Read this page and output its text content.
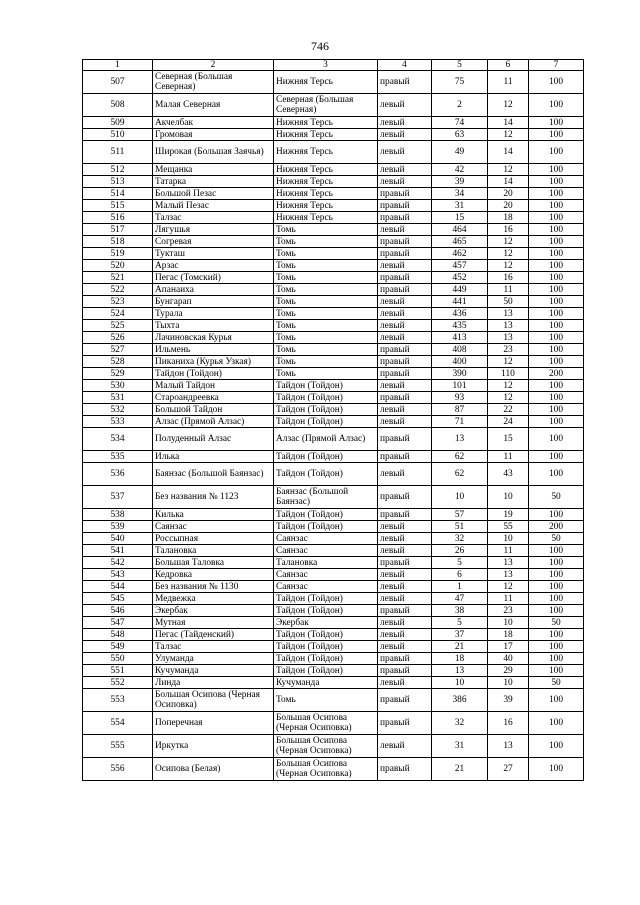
746
1	2	3	4	5	6	7
507	Северная (Большая Северная)	Нижняя Терсь	правый	75	11	100
508	Малая Северная	Северная (Большая Северная)	левый	2	12	100
509	Акчелбак	Нижняя Терсь	левый	74	14	100
510	Громовая	Нижняя Терсь	левый	63	12	100
511	Широкая (Большая Заячья)	Нижняя Терсь	левый	49	14	100
512	Мещанка	Нижняя Терсь	левый	42	12	100
513	Татарка	Нижняя Терсь	левый	39	14	100
514	Большой Пезас	Нижняя Терсь	правый	34	20	100
515	Малый Пезас	Нижняя Терсь	правый	31	20	100
516	Талзас	Нижняя Терсь	правый	15	18	100
517	Лягушья	Томь	левый	464	16	100
518	Согревая	Томь	правый	465	12	100
519	Тукташ	Томь	правый	462	12	100
520	Арзас	Томь	левый	457	12	100
521	Пегас (Томский)	Томь	правый	452	16	100
522	Апанаиха	Томь	правый	449	11	100
523	Бунгарап	Томь	левый	441	50	100
524	Турала	Томь	левый	436	13	100
525	Тыхта	Томь	левый	435	13	100
526	Лачиновская Курья	Томь	левый	413	13	100
527	Ильмень	Томь	правый	408	23	100
528	Пиканиха (Курья Узкая)	Томь	правый	400	12	100
529	Тайдон (Тойдон)	Томь	правый	390	110	200
530	Малый Тайдон	Тайдон (Тойдон)	левый	101	12	100
531	Староандреевка	Тайдон (Тойдон)	правый	93	12	100
532	Большой Тайдон	Тайдон (Тойдон)	левый	87	22	100
533	Алзас (Прямой Алзас)	Тайдон (Тойдон)	левый	71	24	100
534	Полуденный Алзас	Алзас (Прямой Алзас)	правый	13	15	100
535	Илька	Тайдон (Тойдон)	правый	62	11	100
536	Баянзас (Большой Баянзас)	Тайдон (Тойдон)	левый	62	43	100
537	Без названия № 1123	Баянзас (Большой Баянзас)	правый	10	10	50
538	Килька	Тайдон (Тойдон)	правый	57	19	100
539	Саянзас	Тайдон (Тойдон)	левый	51	55	200
540	Россыпная	Саянзас	левый	32	10	50
541	Талановка	Саянзас	левый	26	11	100
542	Большая Таловка	Талановка	правый	5	13	100
543	Кедровка	Саянзас	левый	6	13	100
544	Без названия № 1130	Саянзас	левый	1	12	100
545	Медвежка	Тайдон (Тойдон)	левый	47	11	100
546	Экербак	Тайдон (Тойдон)	правый	38	23	100
547	Мутная	Экербак	левый	5	10	50
548	Пегас (Тайденский)	Тайдон (Тойдон)	левый	37	18	100
549	Талзас	Тайдон (Тойдон)	левый	21	17	100
550	Улуманда	Тайдон (Тойдон)	правый	18	40	100
551	Кучуманда	Тайдон (Тойдон)	правый	13	29	100
552	Линда	Кучуманда	левый	10	10	50
553	Большая Осипова (Черная Осиповка)	Томь	правый	386	39	100
554	Поперечная	Большая Осипова (Черная Осиповка)	правый	32	16	100
555	Иркутка	Большая Осипова (Черная Осиповка)	левый	31	13	100
556	Осипова (Белая)	Большая Осипова (Черная Осиповка)	правый	21	27	100
